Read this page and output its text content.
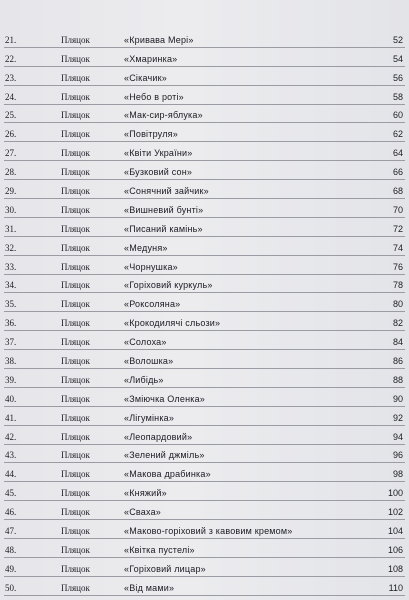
21.	Пляцок	«Кривава Мері»	52
22.	Пляцок	«Хмаринка»	54
23.	Пляцок	«Сікачик»	56
24.	Пляцок	«Небо в роті»	58
25.	Пляцок	«Мак-сир-яблука»	60
26.	Пляцок	«Повітруля»	62
27.	Пляцок	«Квіти України»	64
28.	Пляцок	«Бузковий сон»	66
29.	Пляцок	«Сонячний зайчик»	68
30.	Пляцок	«Вишневий бунті»	70
31.	Пляцок	«Писаний камінь»	72
32.	Пляцок	«Медуня»	74
33.	Пляцок	«Чорнушка»	76
34.	Пляцок	«Горіховий куркуль»	78
35.	Пляцок	«Роксоляна»	80
36.	Пляцок	«Крокодилячі сльози»	82
37.	Пляцок	«Солоха»	84
38.	Пляцок	«Волошка»	86
39.	Пляцок	«Либідь»	88
40.	Пляцок	«Зміючка Оленка»	90
41.	Пляцок	«Лігумінка»	92
42.	Пляцок	«Леопардовий»	94
43.	Пляцок	«Зелений джміль»	96
44.	Пляцок	«Макова драбинка»	98
45.	Пляцок	«Княжий»	100
46.	Пляцок	«Сваха»	102
47.	Пляцок	«Маково-горіховий з кавовим кремом»	104
48.	Пляцок	«Квітка пустелі»	106
49.	Пляцок	«Горіховий лицар»	108
50.	Пляцок	«Від мами»	110
